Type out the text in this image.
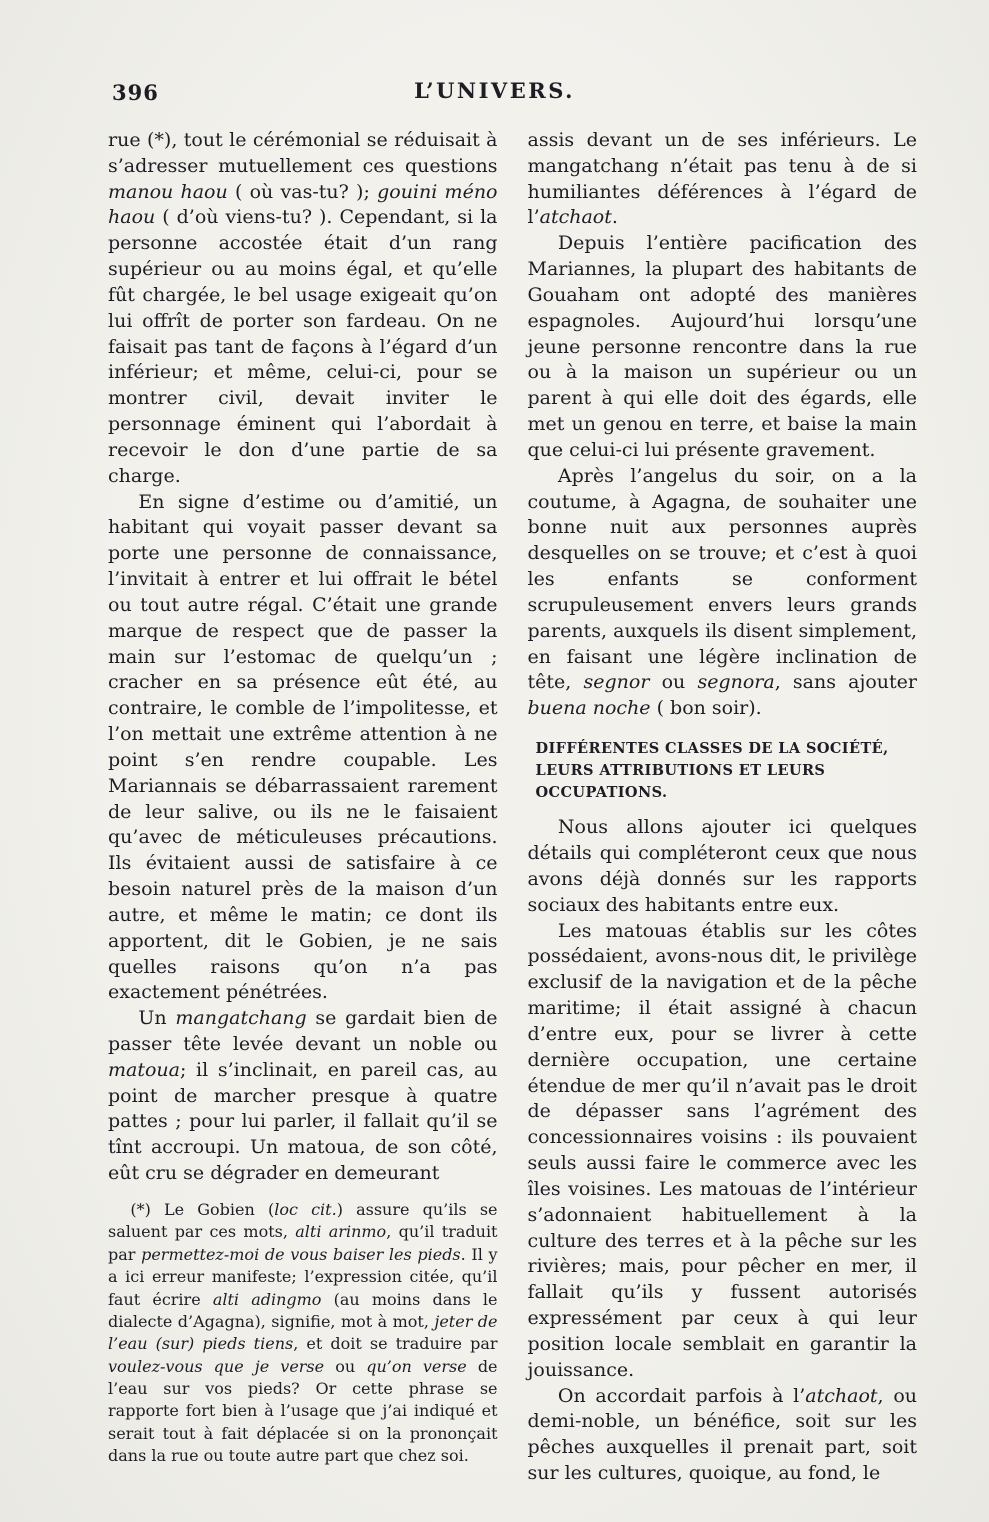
396	L’UNIVERS.

rue (*), tout le cérémonial se réduisait à s’adresser mutuellement ces questions manou haou ( où vas-tu? ); gouini méno haou ( d’où viens-tu? ). Cependant, si la personne accostée était d’un rang supérieur ou au moins égal, et qu’elle fût chargée, le bel usage exigeait qu’on lui offrît de porter son fardeau. On ne faisait pas tant de façons à l’égard d’un inférieur; et même, celui-ci, pour se montrer civil, devait inviter le personnage éminent qui l’abordait à recevoir le don d’une partie de sa charge.

En signe d’estime ou d’amitié, un habitant qui voyait passer devant sa porte une personne de connaissance, l’invitait à entrer et lui offrait le bétel ou tout autre régal. C’était une grande marque de respect que de passer la main sur l’estomac de quelqu’un ; cracher en sa présence eût été, au contraire, le comble de l’impolitesse, et l’on mettait une extrême attention à ne point s’en rendre coupable. Les Mariannais se débarrassaient rarement de leur salive, ou ils ne le faisaient qu’avec de méticuleuses précautions. Ils évitaient aussi de satisfaire à ce besoin naturel près de la maison d’un autre, et même le matin; ce dont ils apportent, dit le Gobien, je ne sais quelles raisons qu’on n’a pas exactement pénétrées.

Un mangatchang se gardait bien de passer tête levée devant un noble ou matoua; il s’inclinait, en pareil cas, au point de marcher presque à quatre pattes ; pour lui parler, il fallait qu’il se tînt accroupi. Un matoua, de son côté, eût cru se dégrader en demeurant

(*) Le Gobien (loc cit.) assure qu’ils se saluent par ces mots, alti arinmo, qu’il traduit par permettez-moi de vous baiser les pieds. Il y a ici erreur manifeste; l’expression citée, qu’il faut écrire alti adingmo (au moins dans le dialecte d’Agagna), signifie, mot à mot, jeter de l’eau (sur) pieds tiens, et doit se traduire par voulez-vous que je verse ou qu’on verse de l’eau sur vos pieds? Or cette phrase se rapporte fort bien à l’usage que j’ai indiqué et serait tout à fait déplacée si on la prononçait dans la rue ou toute autre part que chez soi.

assis devant un de ses inférieurs. Le mangatchang n’était pas tenu à de si humiliantes déférences à l’égard de l’atchaot.

Depuis l’entière pacification des Mariannes, la plupart des habitants de Gouaham ont adopté des manières espagnoles. Aujourd’hui lorsqu’une jeune personne rencontre dans la rue ou à la maison un supérieur ou un parent à qui elle doit des égards, elle met un genou en terre, et baise la main que celui-ci lui présente gravement.

Après l’angelus du soir, on a la coutume, à Agagna, de souhaiter une bonne nuit aux personnes auprès desquelles on se trouve; et c’est à quoi les enfants se conforment scrupuleusement envers leurs grands parents, auxquels ils disent simplement, en faisant une légère inclination de tête, segnor ou segnora, sans ajouter buena noche ( bon soir).

DIFFÉRENTES CLASSES DE LA SOCIÉTÉ, LEURS ATTRIBUTIONS ET LEURS OCCUPATIONS.

Nous allons ajouter ici quelques détails qui compléteront ceux que nous avons déjà donnés sur les rapports sociaux des habitants entre eux.

Les matouas établis sur les côtes possédaient, avons-nous dit, le privilège exclusif de la navigation et de la pêche maritime; il était assigné à chacun d’entre eux, pour se livrer à cette dernière occupation, une certaine étendue de mer qu’il n’avait pas le droit de dépasser sans l’agrément des concessionnaires voisins : ils pouvaient seuls aussi faire le commerce avec les îles voisines. Les matouas de l’intérieur s’adonnaient habituellement à la culture des terres et à la pêche sur les rivières; mais, pour pêcher en mer, il fallait qu’ils y fussent autorisés expressément par ceux à qui leur position locale semblait en garantir la jouissance.

On accordait parfois à l’atchaot, ou demi-noble, un bénéfice, soit sur les pêches auxquelles il prenait part, soit sur les cultures, quoique, au fond, le
